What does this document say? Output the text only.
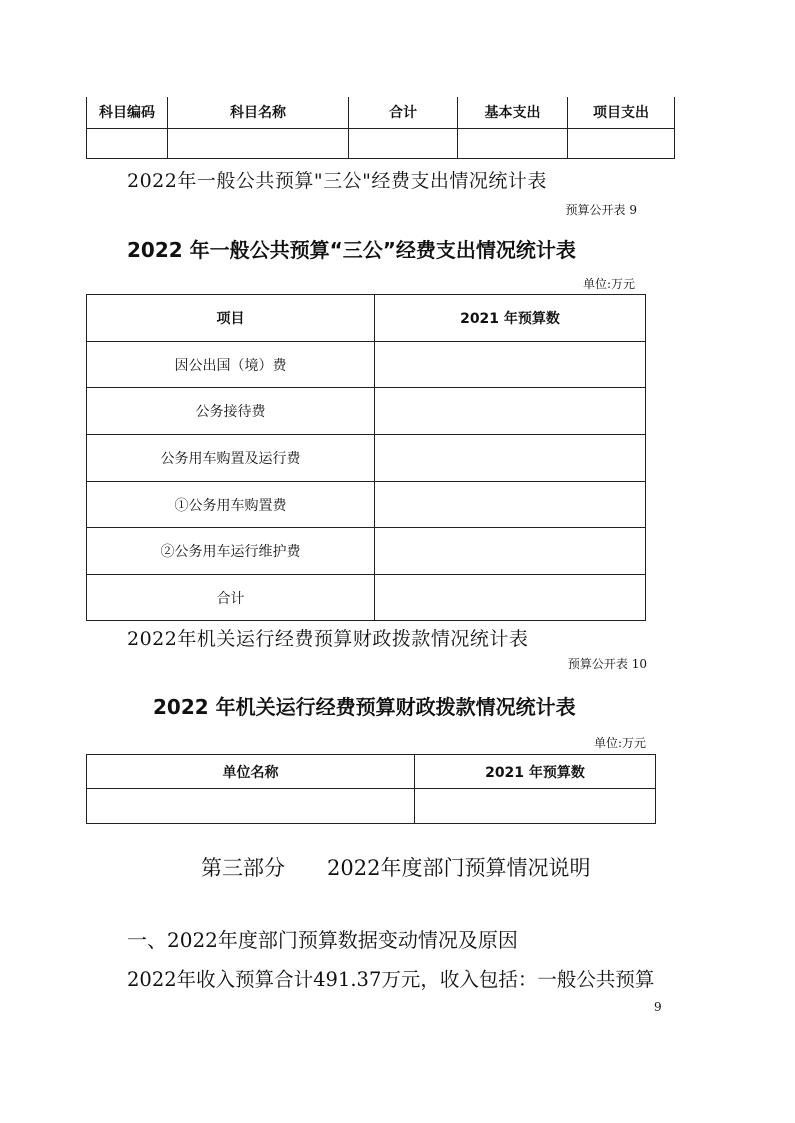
科目编码	科目名称	合计	基本支出	项目支出

2022年一般公共预算"三公"经费支出情况统计表
预算公开表 9
2022 年一般公共预算“三公”经费支出情况统计表
单位:万元
项目	2021 年预算数
因公出国（境）费	
公务接待费	
公务用车购置及运行费	
①公务用车购置费	
②公务用车运行维护费	
合计	
2022年机关运行经费预算财政拨款情况统计表
预算公开表 10
2022 年机关运行经费预算财政拨款情况统计表
单位:万元
单位名称	2021 年预算数

第三部分　　2022年度部门预算情况说明
一、2022年度部门预算数据变动情况及原因
2022年收入预算合计491.37万元，收入包括：一般公共预算
9
